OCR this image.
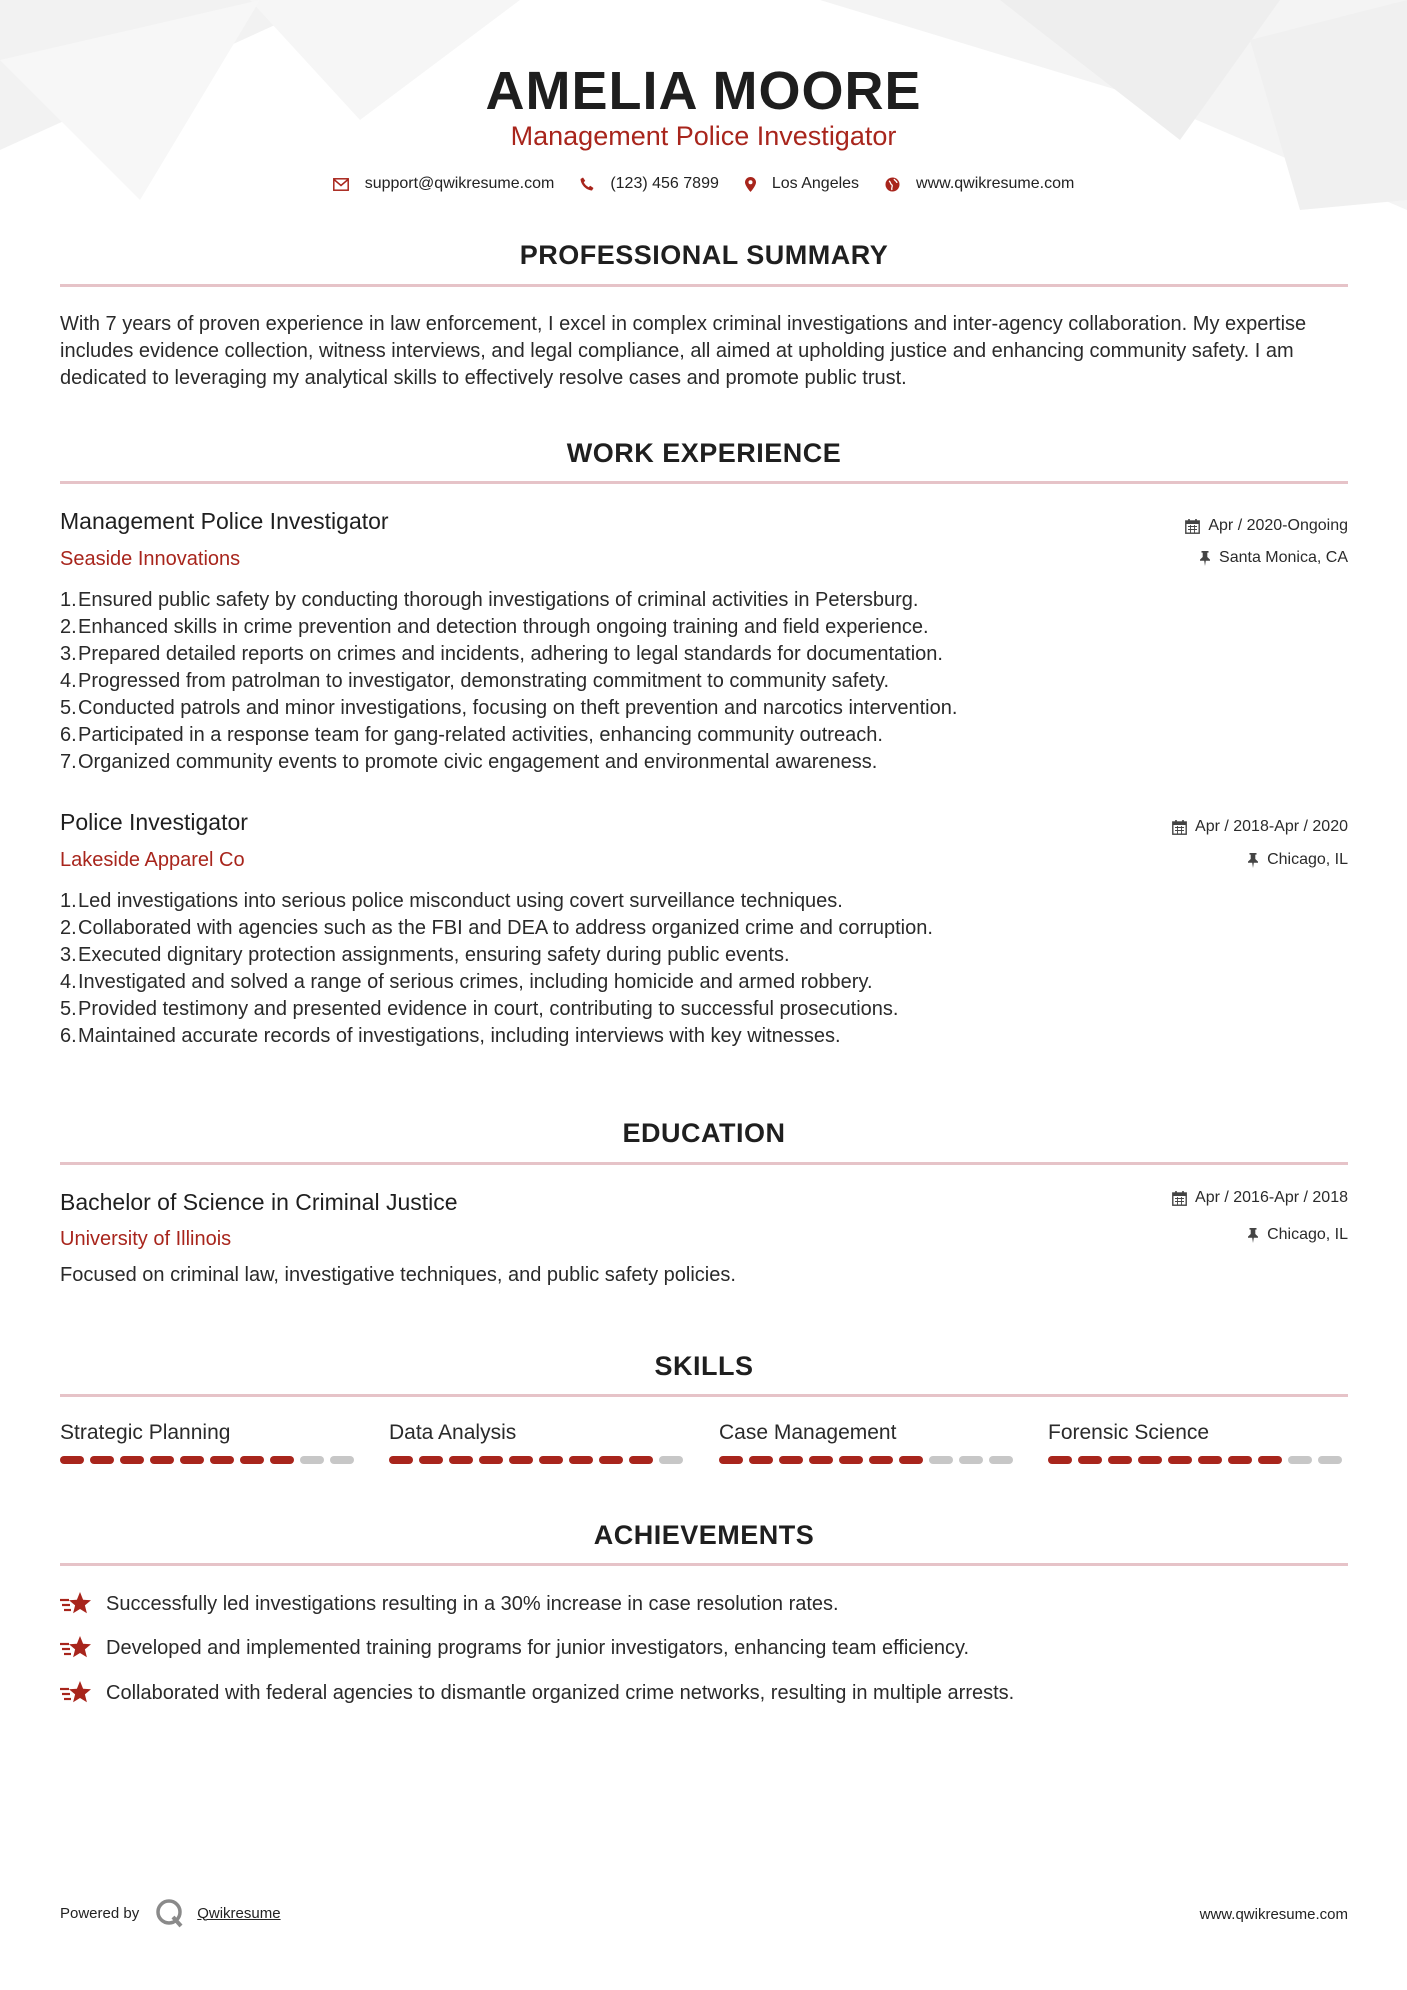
AMELIA MOORE
Management Police Investigator
support@qwikresume.com	(123) 456 7899	Los Angeles	www.qwikresume.com
PROFESSIONAL SUMMARY
With 7 years of proven experience in law enforcement, I excel in complex criminal investigations and inter-agency collaboration. My expertise includes evidence collection, witness interviews, and legal compliance, all aimed at upholding justice and enhancing community safety. I am dedicated to leveraging my analytical skills to effectively resolve cases and promote public trust.
WORK EXPERIENCE
Management Police Investigator
Seaside Innovations
Apr / 2020-Ongoing
Santa Monica, CA
1. Ensured public safety by conducting thorough investigations of criminal activities in Petersburg.
2. Enhanced skills in crime prevention and detection through ongoing training and field experience.
3. Prepared detailed reports on crimes and incidents, adhering to legal standards for documentation.
4. Progressed from patrolman to investigator, demonstrating commitment to community safety.
5. Conducted patrols and minor investigations, focusing on theft prevention and narcotics intervention.
6. Participated in a response team for gang-related activities, enhancing community outreach.
7. Organized community events to promote civic engagement and environmental awareness.
Police Investigator
Lakeside Apparel Co
Apr / 2018-Apr / 2020
Chicago, IL
1. Led investigations into serious police misconduct using covert surveillance techniques.
2. Collaborated with agencies such as the FBI and DEA to address organized crime and corruption.
3. Executed dignitary protection assignments, ensuring safety during public events.
4. Investigated and solved a range of serious crimes, including homicide and armed robbery.
5. Provided testimony and presented evidence in court, contributing to successful prosecutions.
6. Maintained accurate records of investigations, including interviews with key witnesses.
EDUCATION
Bachelor of Science in Criminal Justice
University of Illinois
Apr / 2016-Apr / 2018
Chicago, IL
Focused on criminal law, investigative techniques, and public safety policies.
SKILLS
Strategic Planning	Data Analysis	Case Management	Forensic Science
ACHIEVEMENTS
Successfully led investigations resulting in a 30% increase in case resolution rates.
Developed and implemented training programs for junior investigators, enhancing team efficiency.
Collaborated with federal agencies to dismantle organized crime networks, resulting in multiple arrests.
Powered by	Qwikresume	www.qwikresume.com
